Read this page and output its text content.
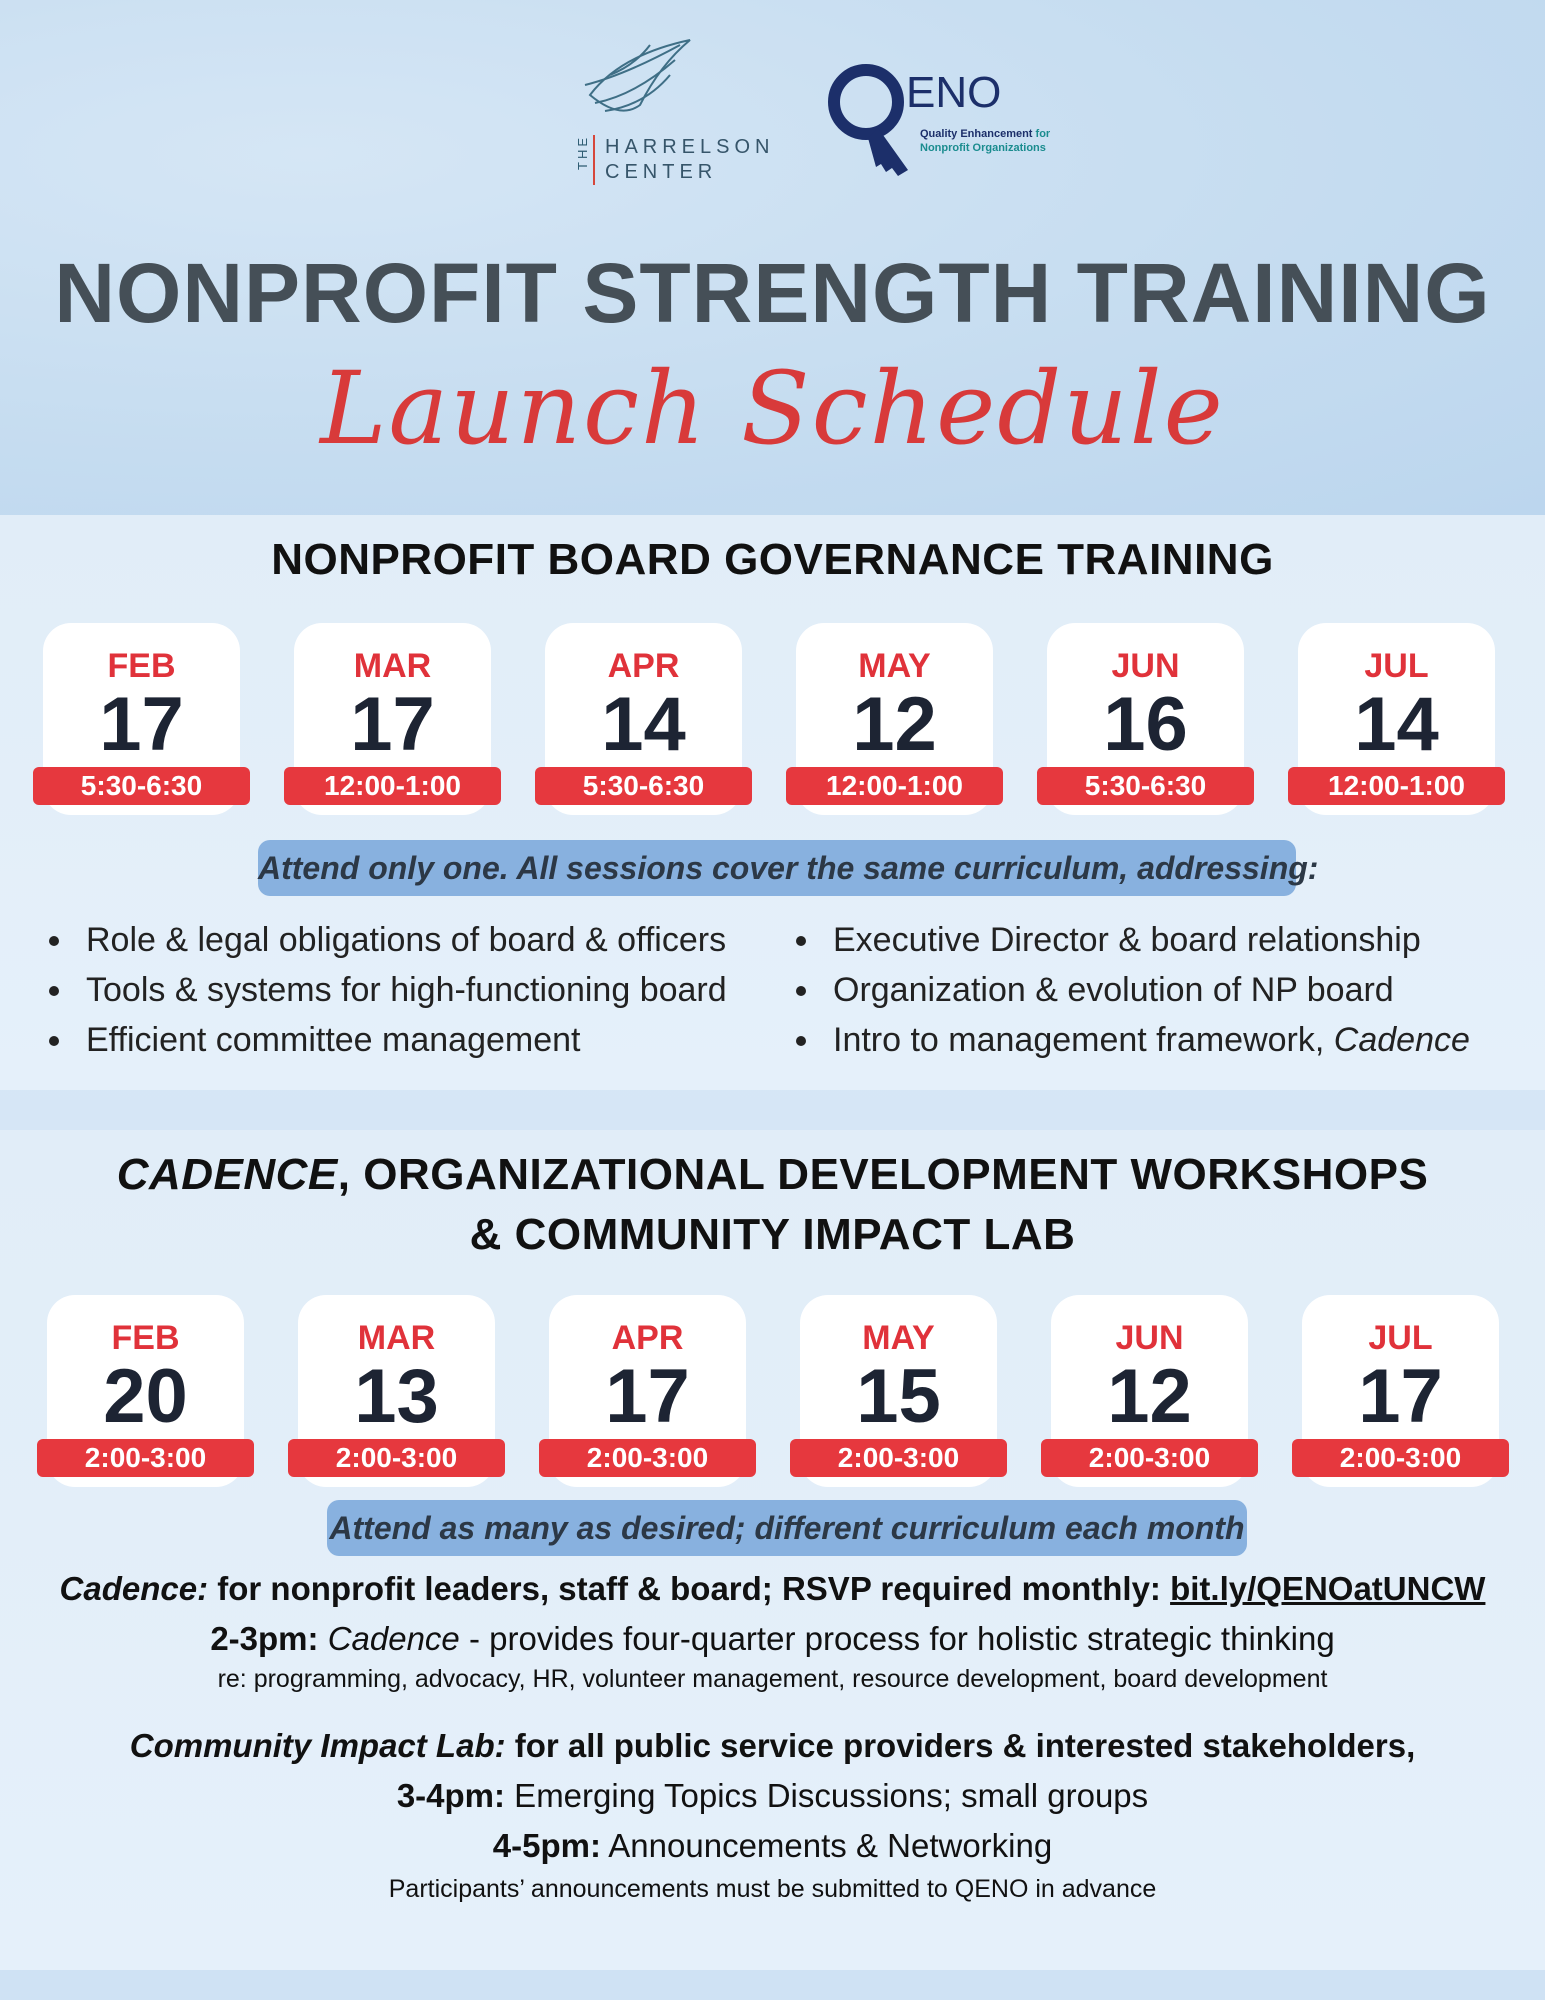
THE HARRELSON
CENTER
ENO
Quality Enhancement for
Nonprofit Organizations
NONPROFIT STRENGTH TRAINING
Launch Schedule
NONPROFIT BOARD GOVERNANCE TRAINING
FEB
17
5:30-6:30
MAR
17
12:00-1:00
APR
14
5:30-6:30
MAY
12
12:00-1:00
JUN
16
5:30-6:30
JUL
14
12:00-1:00
Attend only one. All sessions cover the same curriculum, addressing:
Role & legal obligations of board & officers
Tools & systems for high-functioning board
Efficient committee management
Executive Director & board relationship
Organization & evolution of NP board
Intro to management framework, Cadence
CADENCE, ORGANIZATIONAL DEVELOPMENT WORKSHOPS
& COMMUNITY IMPACT LAB
FEB
20
2:00-3:00
MAR
13
2:00-3:00
APR
17
2:00-3:00
MAY
15
2:00-3:00
JUN
12
2:00-3:00
JUL
17
2:00-3:00
Attend as many as desired; different curriculum each month
Cadence: for nonprofit leaders, staff & board; RSVP required monthly: bit.ly/QENOatUNCW
2-3pm: Cadence - provides four-quarter process for holistic strategic thinking
re: programming, advocacy, HR, volunteer management, resource development, board development
Community Impact Lab: for all public service providers & interested stakeholders,
3-4pm: Emerging Topics Discussions; small groups
4-5pm: Announcements & Networking
Participants’ announcements must be submitted to QENO in advance
